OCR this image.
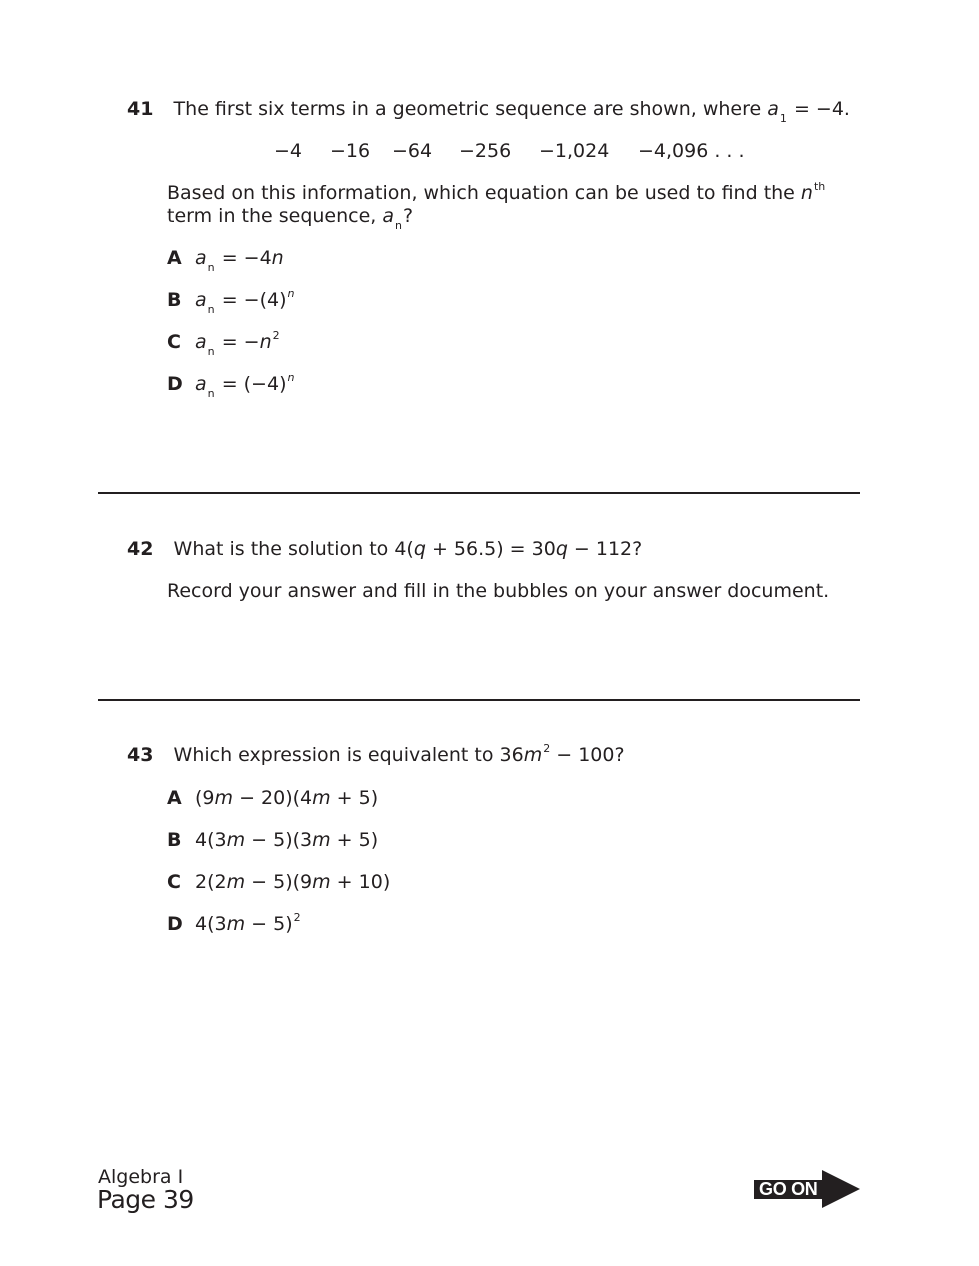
41 The first six terms in a geometric sequence are shown, where $a_1 = -4$.
−4 −16 −64 −256 −1,024 −4,096 . . .
Based on this information, which equation can be used to find the $n^{th}$
term in the sequence, $a_n$?
A $a_n = -4n$
B $a_n = -(4)^n$
C $a_n = -n^2$
D $a_n = (-4)^n$
42 What is the solution to 4(q + 56.5) = 30q − 112?
Record your answer and fill in the bubbles on your answer document.
43 Which expression is equivalent to $36m^2 - 100$?
A (9m − 20)(4m + 5)
B 4(3m − 5)(3m + 5)
C 2(2m − 5)(9m + 10)
D $4(3m - 5)^2$
Algebra I
Page 39	GO ON
